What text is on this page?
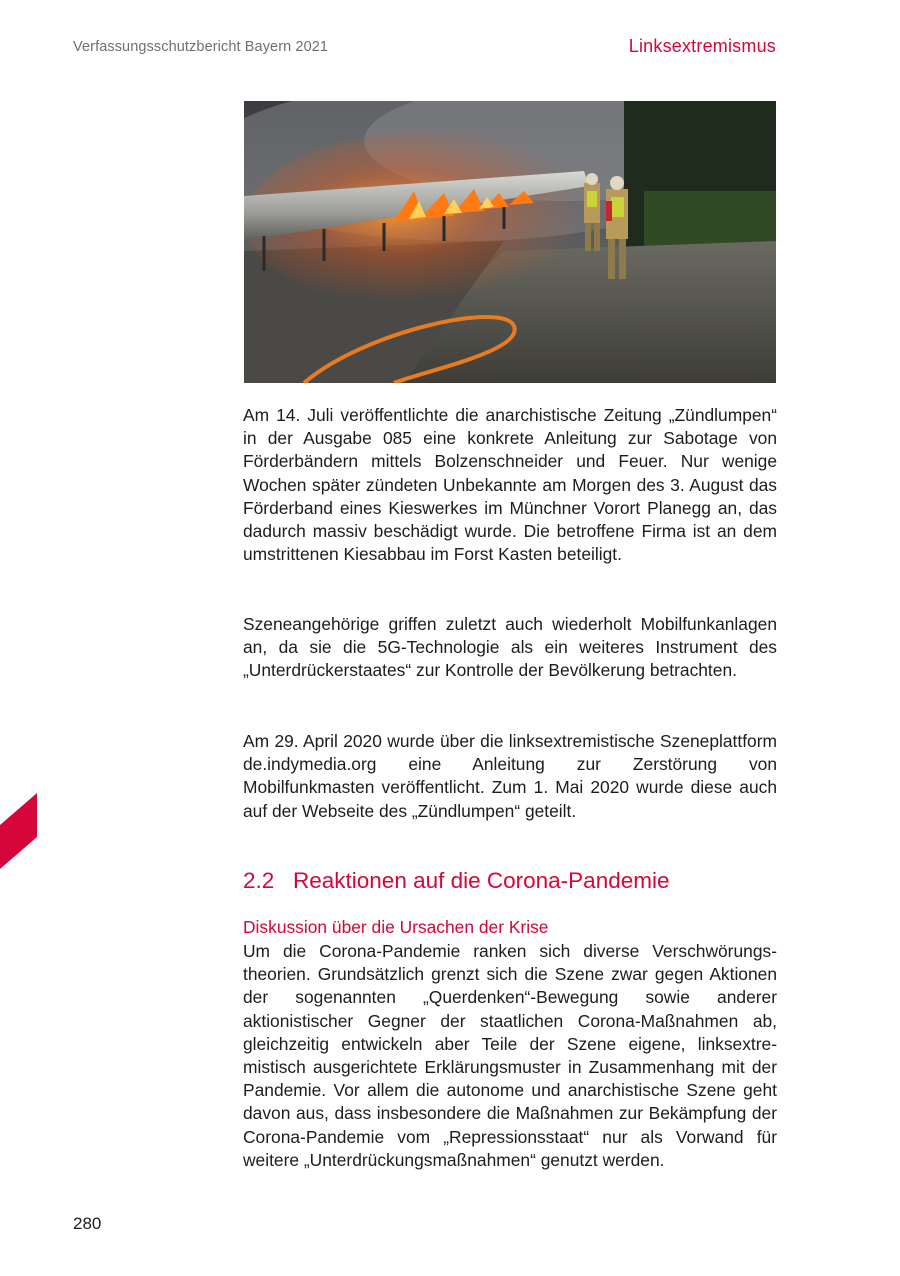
Verfassungsschutzbericht Bayern 2021	Linksextremismus

Am 14. Juli veröffentlichte die anarchistische Zeitung „Zündlumpen“ in der Ausgabe 085 eine konkrete Anleitung zur Sabotage von Förderbändern mittels Bolzenschneider und Feuer. Nur wenige Wochen später zündeten Unbekannte am Morgen des 3. August das Förderband eines Kieswerkes im Münchner Vorort Planegg an, das dadurch massiv beschädigt wurde. Die betroffene Firma ist an dem umstrittenen Kiesabbau im Forst Kasten beteiligt.

Szeneangehörige griffen zuletzt auch wiederholt Mobilfunkanlagen an, da sie die 5G-Technologie als ein weiteres Instrument des „Unterdrückerstaates“ zur Kontrolle der Bevölkerung betrachten.

Am 29. April 2020 wurde über die linksextremistische Szeneplattform de.indymedia.org eine Anleitung zur Zerstörung von Mobilfunkmasten veröffentlicht. Zum 1. Mai 2020 wurde diese auch auf der Webseite des „Zündlumpen“ geteilt.

2.2 Reaktionen auf die Corona-Pandemie
Diskussion über die Ursachen der Krise

Um die Corona-Pandemie ranken sich diverse Verschwörungstheorien. Grundsätzlich grenzt sich die Szene zwar gegen Aktionen der sogenannten „Querdenken“-Bewegung sowie anderer aktionistischer Gegner der staatlichen Corona-Maßnahmen ab, gleichzeitig entwickeln aber Teile der Szene eigene, linksextremistisch ausgerichtete Erklärungsmuster in Zusammenhang mit der Pandemie. Vor allem die autonome und anarchistische Szene geht davon aus, dass insbesondere die Maßnahmen zur Bekämpfung der Corona-Pandemie vom „Repressionsstaat“ nur als Vorwand für weitere „Unterdrückungsmaßnahmen“ genutzt werden.

280
